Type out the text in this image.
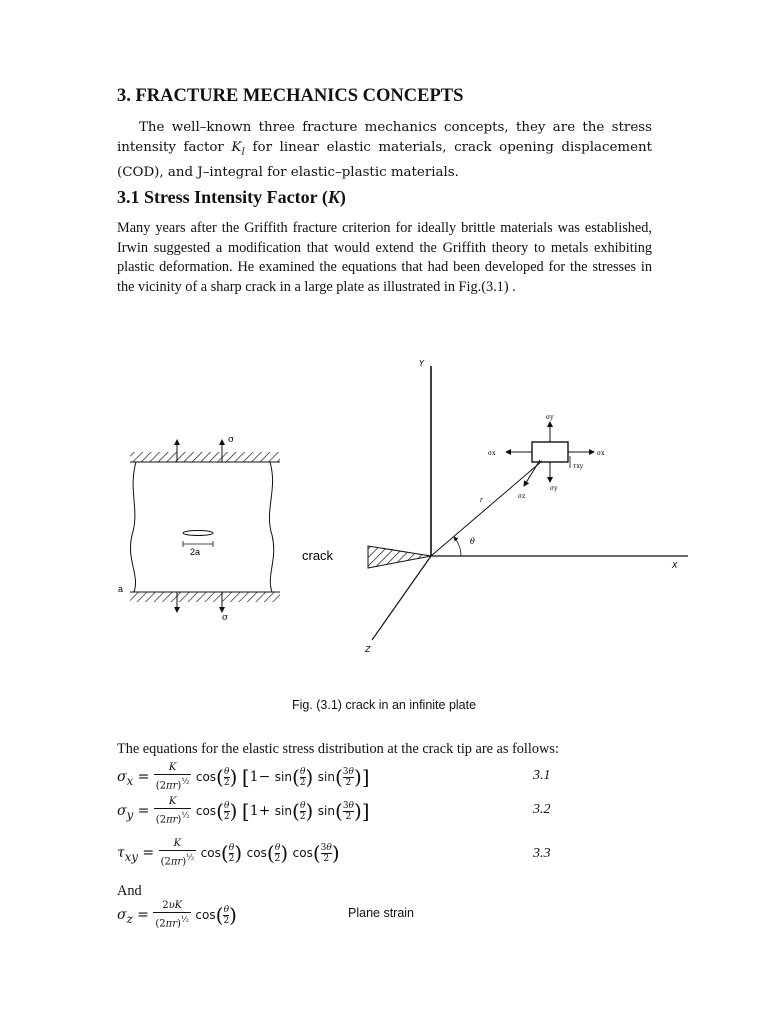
3. FRACTURE MECHANICS CONCEPTS

The well–known three fracture mechanics concepts, they are the stress intensity factor $K_I$ for linear elastic materials, crack opening displacement (COD), and J–integral for elastic–plastic materials.

3.1 Stress Intensity Factor (K)

Many years after the Griffith fracture criterion for ideally brittle materials was established, Irwin suggested a modification that would extend the Griffith theory to metals exhibiting plastic deformation. He examined the equations that had been developed for the stresses in the vicinity of a sharp crack in a large plate as illustrated in Fig.(3.1) .

σ
σ
2a
a
crack
Y
X
Z
r
θ
σy
σx	σx
σy
τxy
σz
Fig. (3.1) crack in an infinite plate
The equations for the elastic stress distribution at the crack tip are as follows:
$\sigma_x = \frac{K}{(2\pi r)^{\frac{1}{2}}} \cos$( θ
2) [1− sin( θ
2) sin( 3θ
2 )]	3.1
$\sigma_y = \frac{K}{(2\pi r)^{\frac{1}{2}}} \cos$( θ
2) [1+ sin( θ
2) sin( 3θ
2 )]	3.2
$\tau_{xy} = \frac{K}{(2\pi r)^{\frac{1}{2}}} \cos$( θ
2) cos( θ
2) cos( 3θ
2 )	3.3
And
$\sigma_z = \frac{2\upsilon K}{(2\pi r)^{\frac{1}{2}}} \cos$( θ
2)	Plane strain
